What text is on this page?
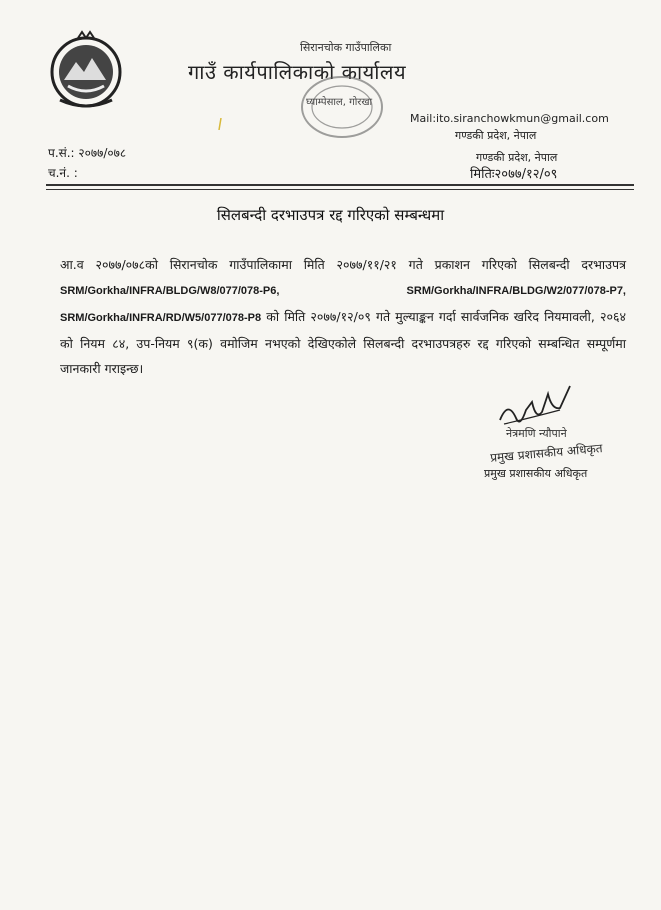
सिरानचोक गाउँपालिका
गाउँ कार्यपालिकाको कार्यालय
घ्याम्पेसाल, गोरखा
Mail:ito.siranchowkmun@gmail.com
गण्डकी प्रदेश, नेपाल
गण्डकी प्रदेश, नेपाल
प.सं.: २०७७/०७८
च.नं. :	मितिः२०७७/१२/०९
सिलबन्दी दरभाउपत्र रद्द गरिएको सम्बन्धमा
आ.व २०७७/०७८को सिरानचोक गाउँपालिकामा मिति २०७७/११/२१ गते प्रकाशन गरिएको सिलबन्दी दरभाउपत्र SRM/Gorkha/INFRA/BLDG/W8/077/078-P6,	SRM/Gorkha/INFRA/BLDG/W2/077/078-P7, SRM/Gorkha/INFRA/RD/W5/077/078-P8 को मिति २०७७/१२/०९ गते मुल्याङ्कन गर्दा सार्वजनिक खरिद नियमावली, २०६४ को नियम ८४, उप-नियम ९(क) वमोजिम नभएको देखिएकोले सिलबन्दी दरभाउपत्रहरु रद्द गरिएको सम्बन्धित सम्पूर्णमा जानकारी गराइन्छ।
नेत्रमणि न्यौपाने
प्रमुख प्रशासकीय अधिकृत
प्रमुख प्रशासकीय अधिकृत
